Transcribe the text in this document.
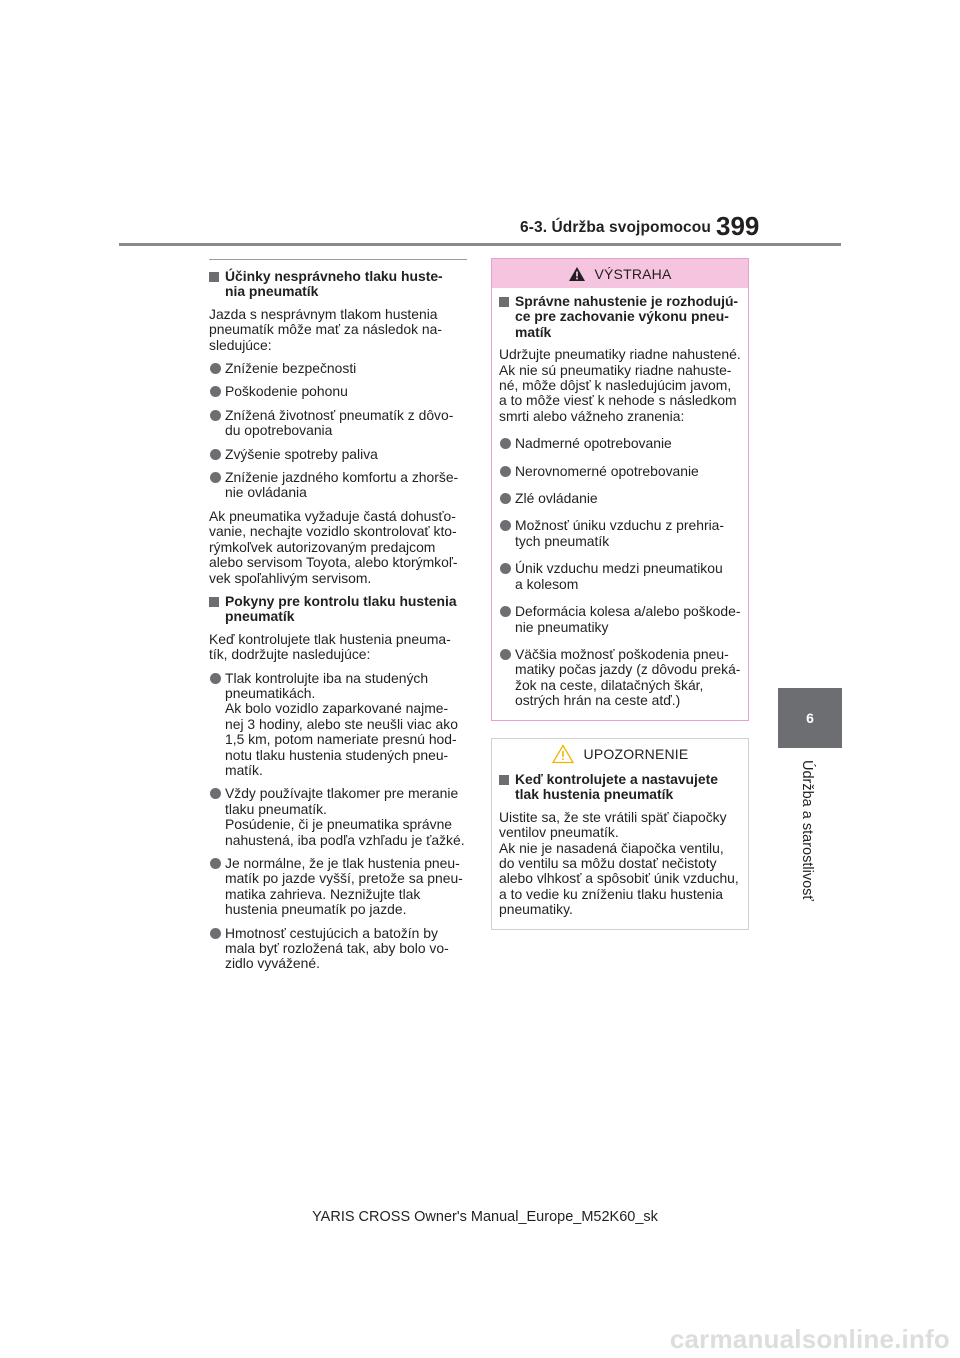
6-3. Údržba svojpomocou 399
6
Údržba a starostlivosť

Účinky nesprávneho tlaku huste-

nia pneumatík

Jazda s nesprávnym tlakom hustenia

pneumatík môže mať za následok na-

sledujúce:

Zníženie bezpečnosti

Poškodenie pohonu

Znížená životnosť pneumatík z dôvo-

du opotrebovania

Zvýšenie spotreby paliva

Zníženie jazdného komfortu a zhorše-

nie ovládania

Ak pneumatika vyžaduje častá dohusťo-

vanie, nechajte vozidlo skontrolovať kto-

rýmkoľvek autorizovaným predajcom

alebo servisom Toyota, alebo ktorýmkoľ-

vek spoľahlivým servisom.

Pokyny pre kontrolu tlaku hustenia

pneumatík

Keď kontrolujete tlak hustenia pneuma-

tík, dodržujte nasledujúce:

Tlak kontrolujte iba na studených

pneumatikách.

Ak bolo vozidlo zaparkované najme-

nej 3 hodiny, alebo ste neušli viac ako

1,5 km, potom nameriate presnú hod-

notu tlaku hustenia studených pneu-

matík.

Vždy používajte tlakomer pre meranie

tlaku pneumatík.

Posúdenie, či je pneumatika správne

nahustená, iba podľa vzhľadu je ťažké.

Je normálne, že je tlak hustenia pneu-

matík po jazde vyšší, pretože sa pneu-

matika zahrieva. Neznižujte tlak

hustenia pneumatík po jazde.

Hmotnosť cestujúcich a batožín by

mala byť rozložená tak, aby bolo vo-

zidlo vyvážené.

VÝSTRAHA

Správne nahustenie je rozhodujú-

ce pre zachovanie výkonu pneu-

matík

Udržujte pneumatiky riadne nahustené.

Ak nie sú pneumatiky riadne nahuste-

né, môže dôjsť k nasledujúcim javom,

a to môže viesť k nehode s následkom

smrti alebo vážneho zranenia:

Nadmerné opotrebovanie

Nerovnomerné opotrebovanie

Zlé ovládanie

Možnosť úniku vzduchu z prehria-

tych pneumatík

Únik vzduchu medzi pneumatikou

a kolesom

Deformácia kolesa a/alebo poškode-

nie pneumatiky

Väčšia možnosť poškodenia pneu-

matiky počas jazdy (z dôvodu preká-

žok na ceste, dilatačných škár,

ostrých hrán na ceste atď.)

UPOZORNENIE

Keď kontrolujete a nastavujete

tlak hustenia pneumatík

Uistite sa, že ste vrátili späť čiapočky

ventilov pneumatík.

Ak nie je nasadená čiapočka ventilu,

do ventilu sa môžu dostať nečistoty

alebo vlhkosť a spôsobiť únik vzduchu,

a to vedie ku zníženiu tlaku hustenia

pneumatiky.

YARIS CROSS Owner's Manual_Europe_M52K60_sk
carmanualsonline.info
